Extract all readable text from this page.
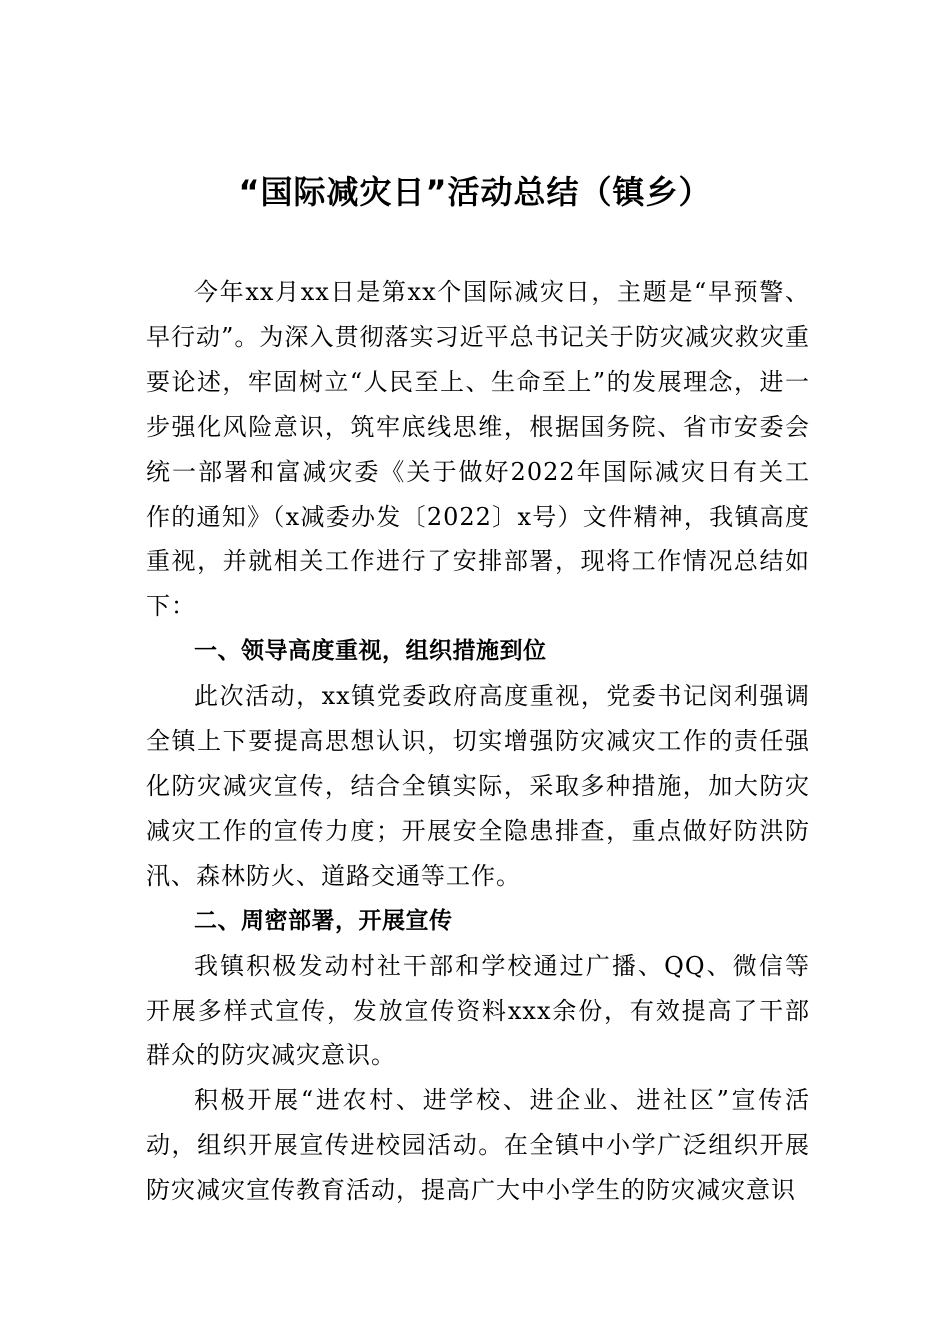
“国际减灾日”活动总结（镇乡）

今年xx月xx日是第xx个国际减灾日，主题是“早预警、早行动”。为深入贯彻落实习近平总书记关于防灾减灾救灾重要论述，牢固树立“人民至上、生命至上”的发展理念，进一步强化风险意识，筑牢底线思维，根据国务院、省市安委会统一部署和富减灾委《关于做好2022年国际减灾日有关工作的通知》（x减委办发〔2022〕x号）文件精神，我镇高度重视，并就相关工作进行了安排部署，现将工作情况总结如下：

一、领导高度重视，组织措施到位

此次活动，xx镇党委政府高度重视，党委书记闵利强调全镇上下要提高思想认识，切实增强防灾减灾工作的责任强化防灾减灾宣传，结合全镇实际，采取多种措施，加大防灾减灾工作的宣传力度；开展安全隐患排查，重点做好防洪防汛、森林防火、道路交通等工作。

二、周密部署，开展宣传

我镇积极发动村社干部和学校通过广播、QQ、微信等开展多样式宣传，发放宣传资料xxx余份，有效提高了干部群众的防灾减灾意识。

积极开展“进农村、进学校、进企业、进社区”宣传活动，组织开展宣传进校园活动。在全镇中小学广泛组织开展防灾减灾宣传教育活动，提高广大中小学生的防灾减灾意识
